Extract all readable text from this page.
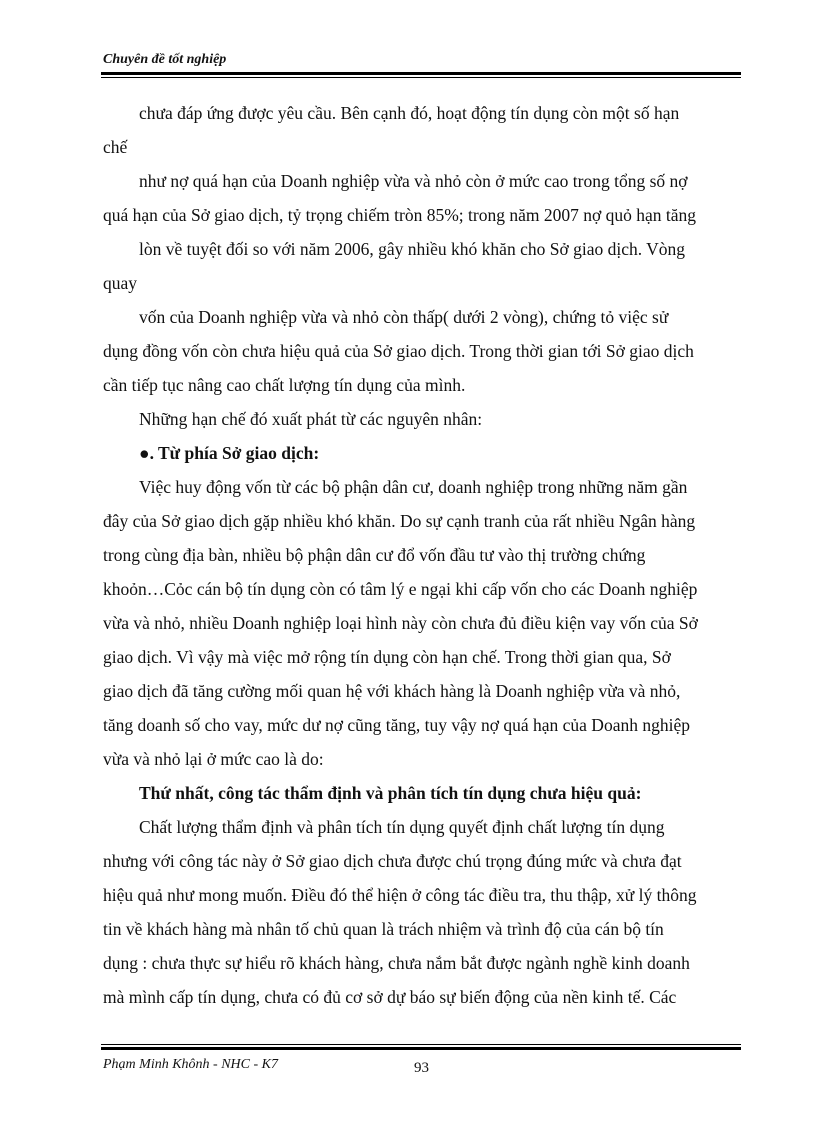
Chuyên đề tốt nghiệp
chưa đáp ứng được yêu cầu. Bên cạnh đó, hoạt động tín dụng còn một số hạn
chế
như nợ quá hạn của Doanh nghiệp vừa và nhỏ còn ở mức cao trong tổng số nợ
quá hạn của Sở giao dịch, tỷ trọng chiếm tròn 85%; trong năm 2007 nợ quỏ hạn tăng
lòn về tuyệt đối so với năm 2006, gây nhiều khó khăn cho Sở giao dịch. Vòng
quay
vốn của Doanh nghiệp vừa và nhỏ còn thấp( dưới 2 vòng), chứng tỏ việc sử
dụng đồng vốn còn chưa hiệu quả của Sở giao dịch. Trong thời gian tới Sở giao dịch
cần tiếp tục nâng cao chất lượng tín dụng của mình.
Những hạn chế đó xuất phát từ các nguyên nhân:
●. Từ phía Sở giao dịch:
Việc huy động vốn từ các bộ phận dân cư, doanh nghiệp trong những năm gần
đây của Sở giao dịch gặp nhiều khó khăn. Do sự cạnh tranh của rất nhiều Ngân hàng
trong cùng địa bàn, nhiều bộ phận dân cư đổ vốn đầu tư vào thị trường chứng
khoỏn…Cỏc cán bộ tín dụng còn có tâm lý e ngại khi cấp vốn cho các Doanh nghiệp
vừa và nhỏ, nhiều Doanh nghiệp loại hình này còn chưa đủ điều kiện vay vốn của Sở
giao dịch. Vì vậy mà việc mở rộng tín dụng còn hạn chế. Trong thời gian qua, Sở
giao dịch đã tăng cường mối quan hệ với khách hàng là Doanh nghiệp vừa và nhỏ,
tăng doanh số cho vay, mức dư nợ cũng tăng, tuy vậy nợ quá hạn của Doanh nghiệp
vừa và nhỏ lại ở mức cao là do:
Thứ nhất, công tác thẩm định và phân tích tín dụng chưa hiệu quả:
Chất lượng thẩm định và phân tích tín dụng quyết định chất lượng tín dụng
nhưng với công tác này ở Sở giao dịch chưa được chú trọng đúng mức và chưa đạt
hiệu quả như mong muốn. Điều đó thể hiện ở công tác điều tra, thu thập, xử lý thông
tin về khách hàng mà nhân tố chủ quan là trách nhiệm và trình độ của cán bộ tín
dụng : chưa thực sự hiểu rõ khách hàng, chưa nắm bắt được ngành nghề kinh doanh
mà mình cấp tín dụng, chưa có đủ cơ sở dự báo sự biến động của nền kinh tế. Các
Phạm Minh Khônh - NHC - K7	93
